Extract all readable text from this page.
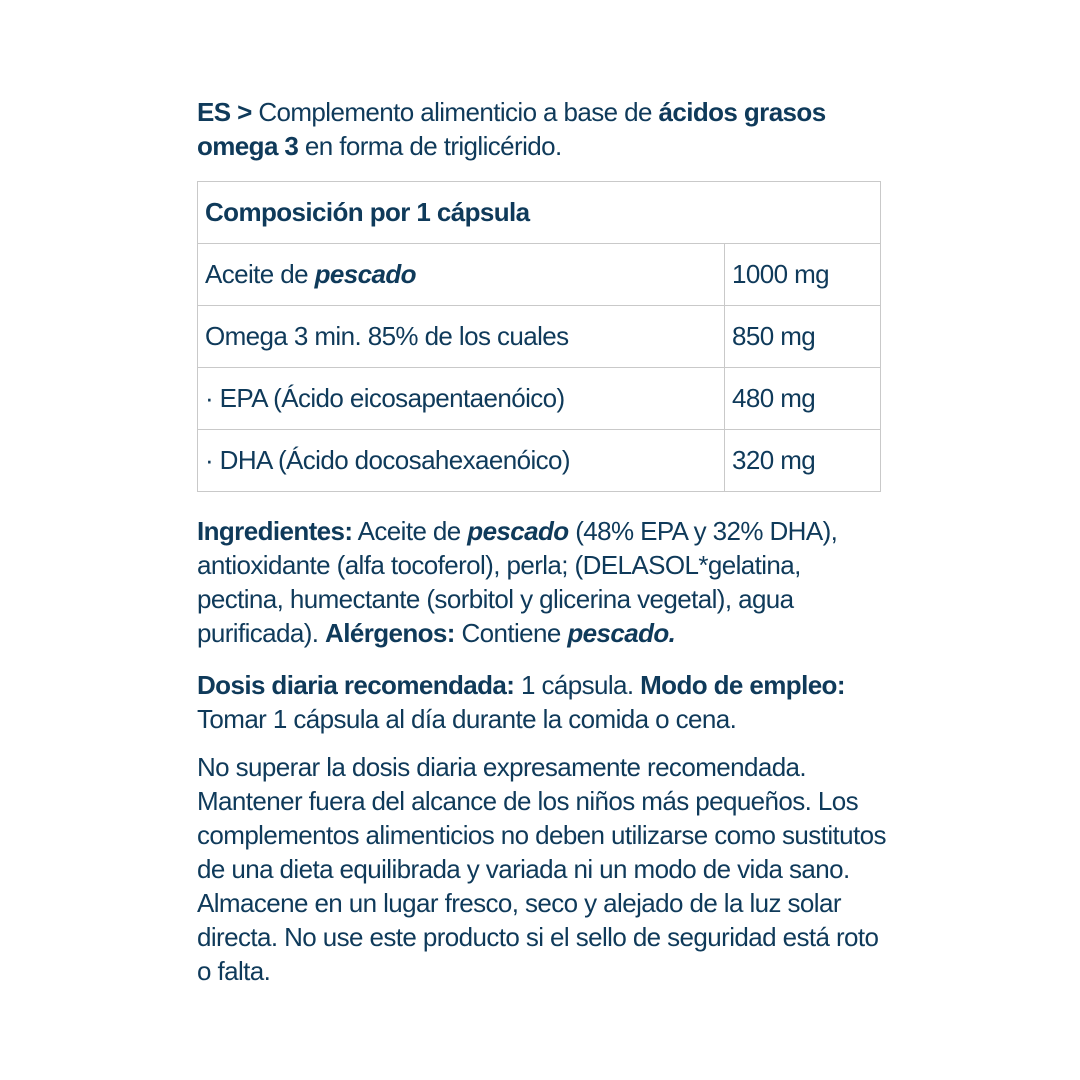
ES > Complemento alimenticio a base de ácidos grasos omega 3 en forma de triglicérido.

Composición por 1 cápsula	
Aceite de pescado	1000 mg
Omega 3 min. 85% de los cuales	850 mg
· EPA (Ácido eicosapentaenóico)	480 mg
· DHA (Ácido docosahexaenóico)	320 mg

Ingredientes: Aceite de pescado (48% EPA y 32% DHA), antioxidante (alfa tocoferol), perla; (DELASOL*gelatina, pectina, humectante (sorbitol y glicerina vegetal), agua purificada). Alérgenos: Contiene pescado.

Dosis diaria recomendada: 1 cápsula. Modo de empleo: Tomar 1 cápsula al día durante la comida o cena.

No superar la dosis diaria expresamente recomendada. Mantener fuera del alcance de los niños más pequeños. Los complementos alimenticios no deben utilizarse como sustitutos de una dieta equilibrada y variada ni un modo de vida sano. Almacene en un lugar fresco, seco y alejado de la luz solar directa. No use este producto si el sello de seguridad está roto o falta.
